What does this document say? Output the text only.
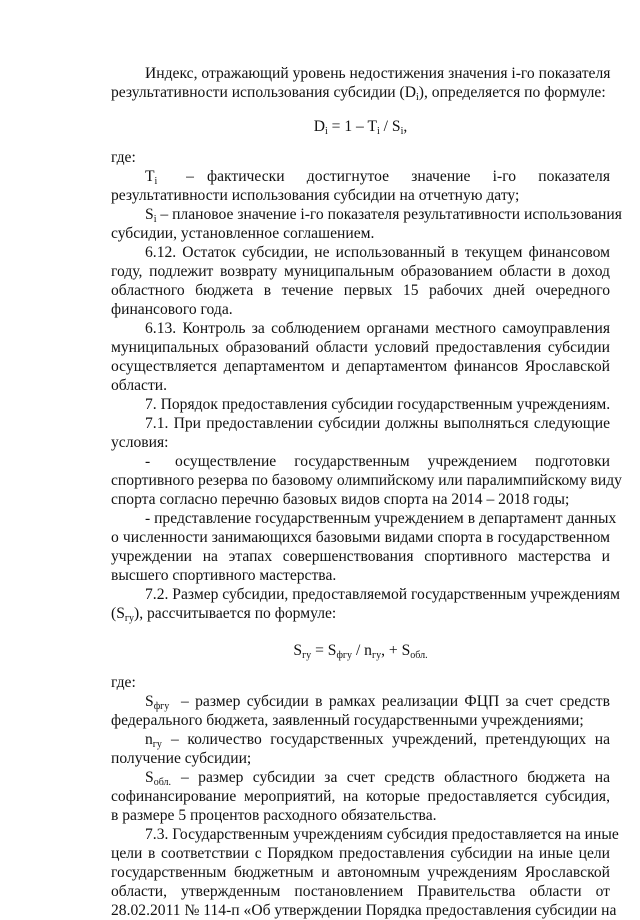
Индекс, отражающий уровень недостижения значения i-го показателя
результативности использования субсидии $(D_i)$, определяется по формуле:
$D_i = 1 - T_i / S_i$,
где:
$T_i$ – фактически достигнутое значение i-го показателя
результативности использования субсидии на отчетную дату;
$S_i$ – плановое значение i-го показателя результативности использования
субсидии, установленное соглашением.
6.12. Остаток субсидии, не использованный в текущем финансовом
году, подлежит возврату муниципальным образованием области в доход
областного бюджета в течение первых 15 рабочих дней очередного
финансового года.
6.13. Контроль за соблюдением органами местного самоуправления
муниципальных образований области условий предоставления субсидии
осуществляется департаментом и департаментом финансов Ярославской
области.
7. Порядок предоставления субсидии государственным учреждениям.
7.1. При предоставлении субсидии должны выполняться следующие
условия:
- осуществление государственным учреждением подготовки
спортивного резерва по базовому олимпийскому или паралимпийскому виду
спорта согласно перечню базовых видов спорта на 2014 – 2018 годы;
- представление государственным учреждением в департамент данных
о численности занимающихся базовыми видами спорта в государственном
учреждении на этапах совершенствования спортивного мастерства и
высшего спортивного мастерства.
7.2. Размер субсидии, предоставляемой государственным учреждениям
$(S_{гу})$, рассчитывается по формуле:
$S_{гу} = S_{фгу} / n_{гу}$, + $S_{обл.}$
где:
$S_{фгу}$ – размер субсидии в рамках реализации ФЦП за счет средств
федерального бюджета, заявленный государственными учреждениями;
$n_{гу}$ – количество государственных учреждений, претендующих на
получение субсидии;
$S_{обл.}$ – размер субсидии за счет средств областного бюджета на
софинансирование мероприятий, на которые предоставляется субсидия,
в размере 5 процентов расходного обязательства.
7.3. Государственным учреждениям субсидия предоставляется на иные
цели в соответствии с Порядком предоставления субсидии на иные цели
государственным бюджетным и автономным учреждениям Ярославской
области, утвержденным постановлением Правительства области от
28.02.2011 № 114-п «Об утверждении Порядка предоставления субсидии на
